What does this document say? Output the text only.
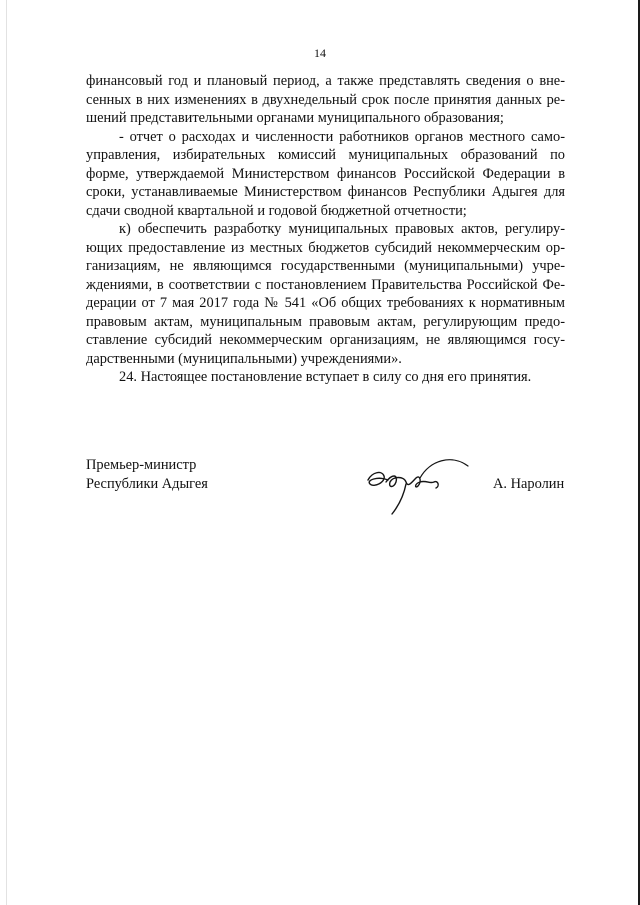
14

финансовый год и плановый период, а также представлять сведения о вне- сенных в них изменениях в двухнедельный срок после принятия данных ре- шений представительными органами муниципального образования;

- отчет о расходах и численности работников органов местного само- управления, избирательных комиссий муниципальных образований по форме, утверждаемой Министерством финансов Российской Федерации в сроки, устанавливаемые Министерством финансов Республики Адыгея для сдачи сводной квартальной и годовой бюджетной отчетности;

к) обеспечить разработку муниципальных правовых актов, регулиру- ющих предоставление из местных бюджетов субсидий некоммерческим ор- ганизациям, не являющимся государственными (муниципальными) учре- ждениями, в соответствии с постановлением Правительства Российской Фе- дерации от 7 мая 2017 года № 541 «Об общих требованиях к нормативным правовым актам, муниципальным правовым актам, регулирующим предо- ставление субсидий некоммерческим организациям, не являющимся госу- дарственными (муниципальными) учреждениями».

24. Настоящее постановление вступает в силу со дня его принятия.
Премьер-министр
Республики Адыгея	А. Наролин
